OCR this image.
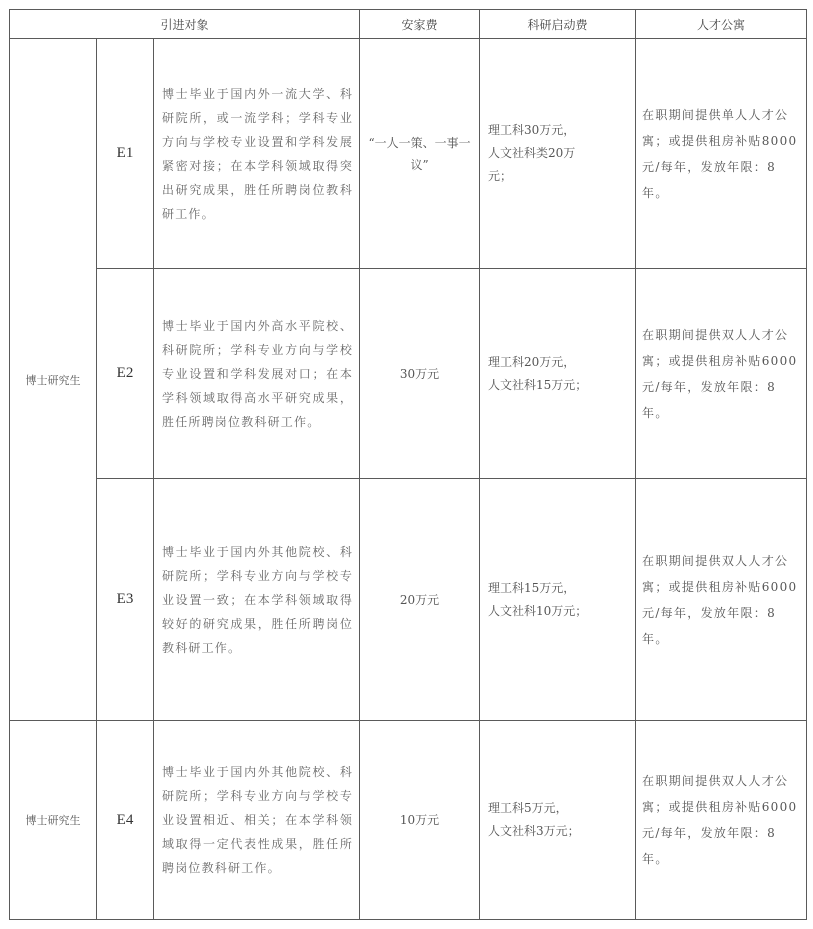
引进对象			安家费	科研启动费	人才公寓
博士研究生	E1	博士毕业于国内外一流大学、科研院所，或一流学科；学科专业方向与学校专业设置和学科发展紧密对接；在本学科领域取得突出研究成果，胜任所聘岗位教科研工作。	“一人一策、一事一议”	理工科30万元，
人文社科类20万
元；	在职期间提供单人人才公寓；或提供租房补贴8000元/每年，发放年限：8年。
	E2	博士毕业于国内外高水平院校、科研院所；学科专业方向与学校专业设置和学科发展对口；在本学科领域取得高水平研究成果，胜任所聘岗位教科研工作。	30万元	理工科20万元，
人文社科15万元；	在职期间提供双人人才公寓；或提供租房补贴6000元/每年，发放年限：8年。
	E3	博士毕业于国内外其他院校、科研院所；学科专业方向与学校专业设置一致；在本学科领域取得较好的研究成果，胜任所聘岗位教科研工作。	20万元	理工科15万元，
人文社科10万元；	在职期间提供双人人才公寓；或提供租房补贴6000元/每年，发放年限：8年。
博士研究生	E4	博士毕业于国内外其他院校、科研院所；学科专业方向与学校专业设置相近、相关；在本学科领域取得一定代表性成果，胜任所聘岗位教科研工作。	10万元	理工科5万元，
人文社科3万元；	在职期间提供双人人才公寓；或提供租房补贴6000元/每年，发放年限：8年。
